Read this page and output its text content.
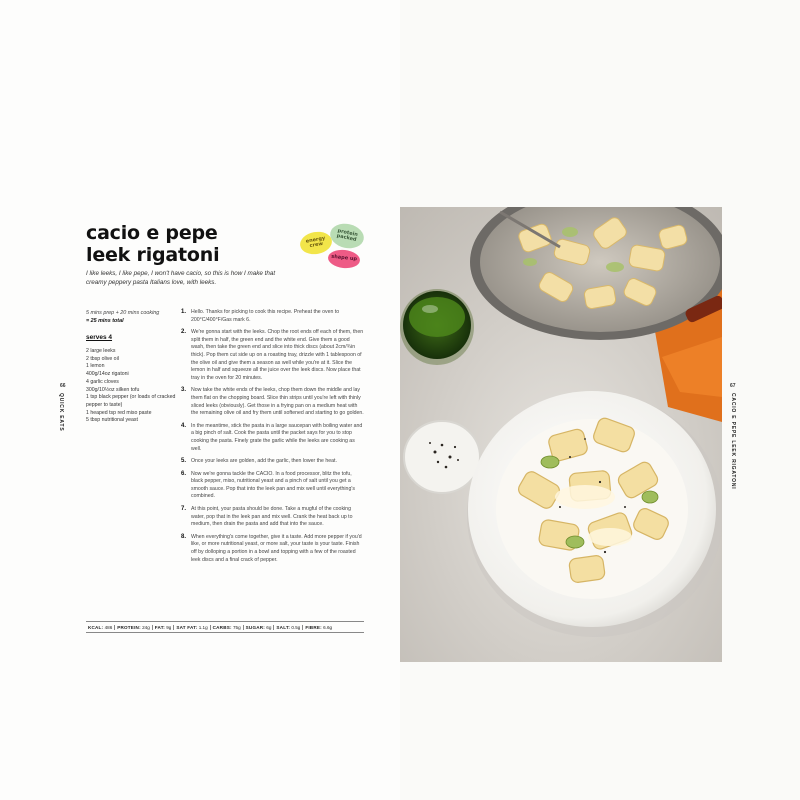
cacio e pepe
leek rigatoni
protein packed
energy crew
shape up

I like leeks, I like pepe, I won't have cacio, so this is how I make that creamy peppery pasta Italians love, with leeks.

5 mins prep + 20 mins cooking
= 25 mins total
serves 4
2 large leeks
2 tbsp olive oil
1 lemon
400g/14oz rigatoni
4 garlic cloves
300g/10½oz silken tofu
1 tsp black pepper (or loads of cracked pepper to taste)
1 heaped tsp red miso paste
5 tbsp nutritional yeast
1. Hello. Thanks for picking to cook this recipe. Preheat the oven to 200°C/400°F/Gas mark 6.
2. We're gonna start with the leeks. Chop the root ends off each of them, then split them in half, the green end and the white end. Give them a good wash, then take the green end and slice into thick discs (about 2cm/¾in thick). Pop them cut side up on a roasting tray, drizzle with 1 tablespoon of the olive oil and give them a season as well while you're at it. Slice the lemon in half and squeeze all the juice over the leek discs. Now place that tray in the oven for 20 minutes.
3. Now take the white ends of the leeks, chop them down the middle and lay them flat on the chopping board. Slice thin strips until you're left with thinly sliced leeks (obviously). Get those in a frying pan on a medium heat with the remaining olive oil and fry them until softened and starting to go golden.
4. In the meantime, stick the pasta in a large saucepan with boiling water and a big pinch of salt. Cook the pasta until the packet says for you to stop cooking the pasta. Finely grate the garlic while the leeks are cooking as well.
5. Once your leeks are golden, add the garlic, then lower the heat.
6. Now we're gonna tackle the CACIO. In a food processor, blitz the tofu, black pepper, miso, nutritional yeast and a pinch of salt until you get a smooth sauce. Pop that into the leek pan and mix well until everything's combined.
7. At this point, your pasta should be done. Take a mugful of the cooking water, pop that in the leek pan and mix well. Crank the heat back up to medium, then drain the pasta and add that into the sauce.
8. When everything's come together, give it a taste. Add more pepper if you'd like, or more nutritional yeast, or more salt, your taste is your taste. Finish off by dolloping a portion in a bowl and topping with a few of the roasted leek discs and a final crack of pepper.
KCAL: 486	PROTEIN: 24g	FAT: 9g	SAT FAT: 1.1g	CARBS: 75g	SUGAR: 6g	SALT: 0.5g	FIBRE: 6.6g
66
QUICK EATS
67
CACIO E PEPE LEEK RIGATONI
